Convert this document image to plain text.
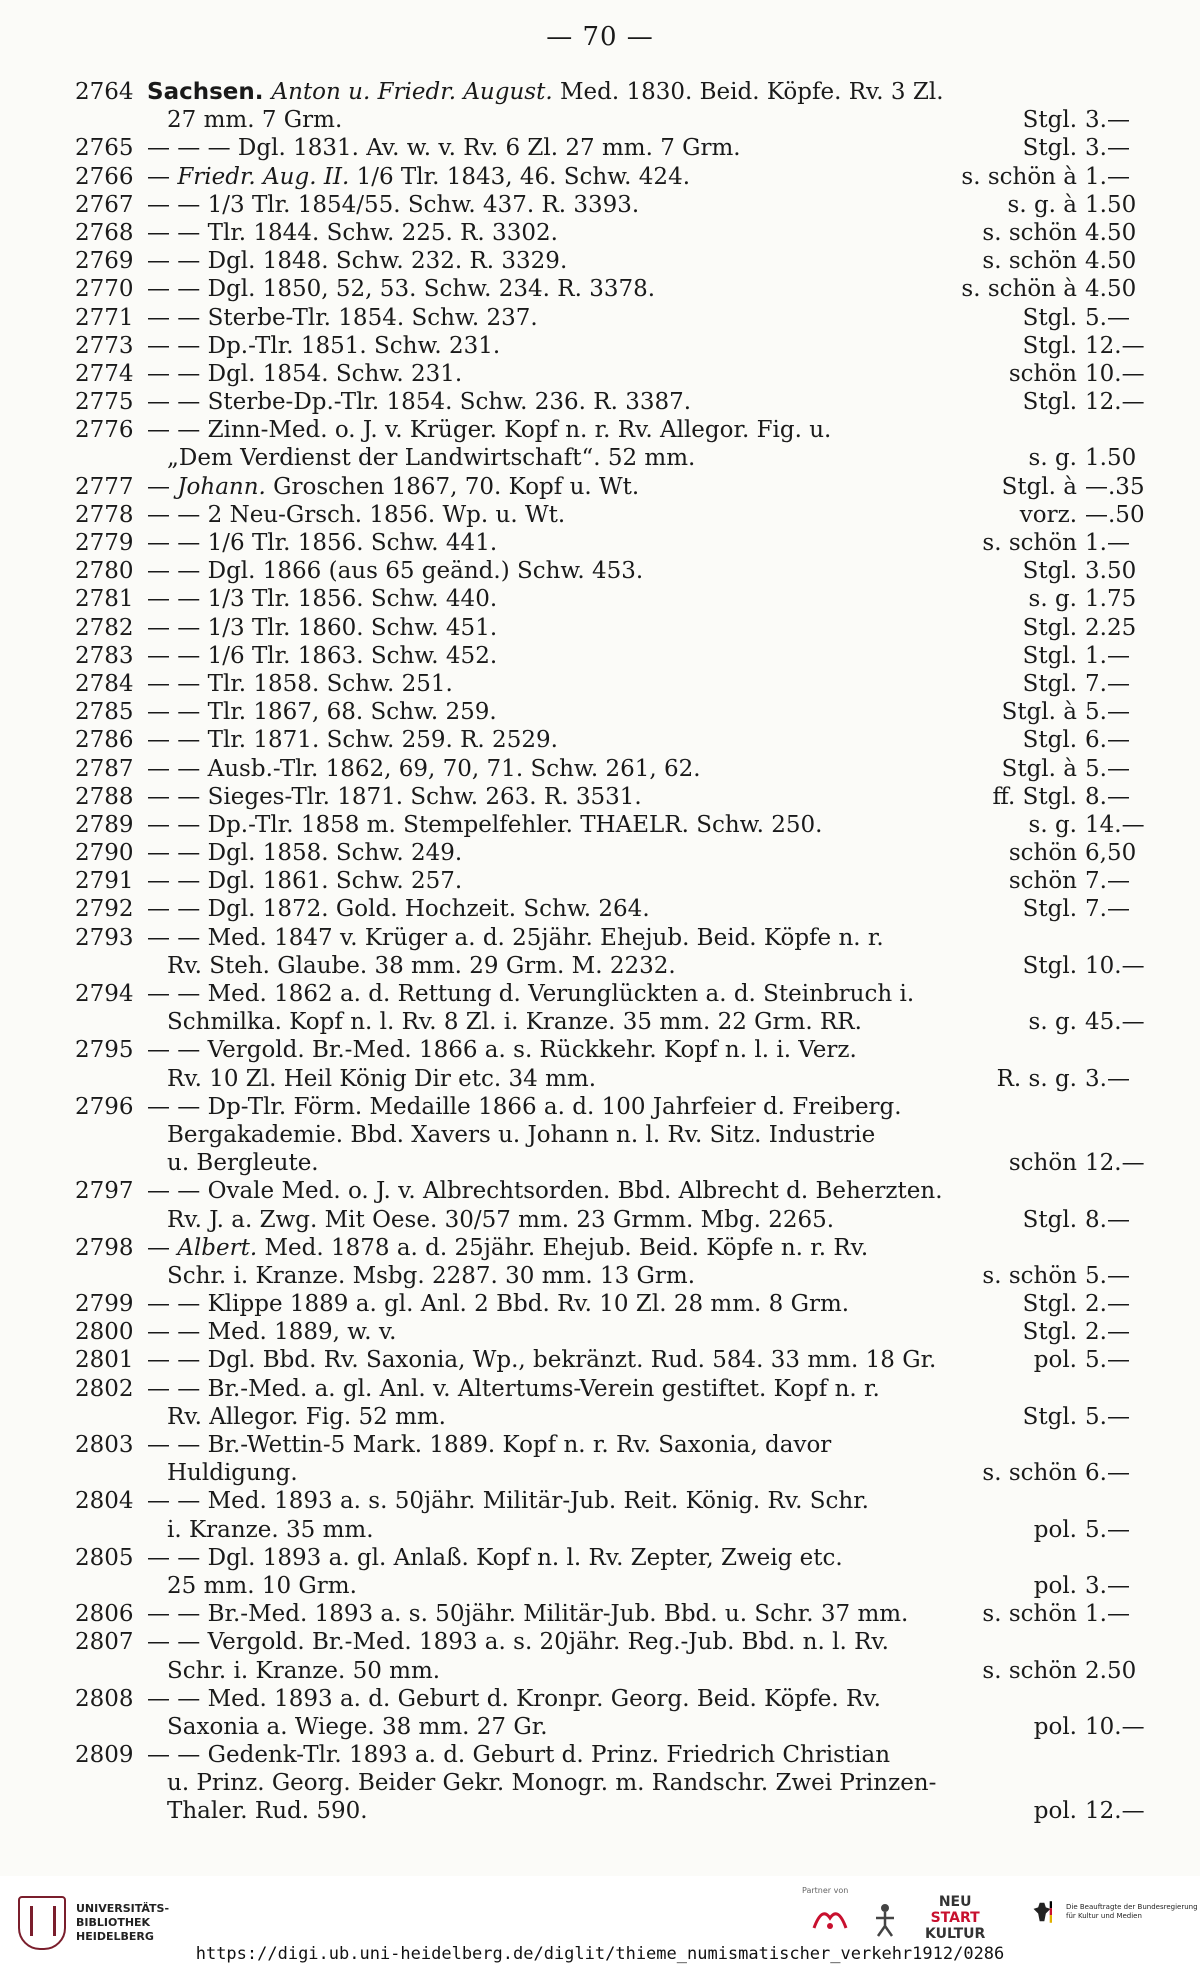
— 70 —
2764 Sachsen. Anton u. Friedr. August. Med. 1830. Beid. Köpfe. Rv. 3 Zl.
27 mm. 7 Grm.	Stgl. 3.—
2765 — — — Dgl. 1831. Av. w. v. Rv. 6 Zl. 27 mm. 7 Grm.	Stgl. 3.—
2766 — Friedr. Aug. II. 1/6 Tlr. 1843, 46. Schw. 424.	s. schön à 1.—
2767 — — 1/3 Tlr. 1854/55. Schw. 437. R. 3393.	s. g. à 1.50
2768 — — Tlr. 1844. Schw. 225. R. 3302.	s. schön 4.50
2769 — — Dgl. 1848. Schw. 232. R. 3329.	s. schön 4.50
2770 — — Dgl. 1850, 52, 53. Schw. 234. R. 3378.	s. schön à 4.50
2771 — — Sterbe-Tlr. 1854. Schw. 237.	Stgl. 5.—
2773 — — Dp.-Tlr. 1851. Schw. 231.	Stgl. 12.—
2774 — — Dgl. 1854. Schw. 231.	schön 10.—
2775 — — Sterbe-Dp.-Tlr. 1854. Schw. 236. R. 3387.	Stgl. 12.—
2776 — — Zinn-Med. o. J. v. Krüger. Kopf n. r. Rv. Allegor. Fig. u.
„Dem Verdienst der Landwirtschaft“. 52 mm.	s. g. 1.50
2777 — Johann. Groschen 1867, 70. Kopf u. Wt.	Stgl. à —.35
2778 — — 2 Neu-Grsch. 1856. Wp. u. Wt.	vorz. —.50
2779 — — 1/6 Tlr. 1856. Schw. 441.	s. schön 1.—
2780 — — Dgl. 1866 (aus 65 geänd.) Schw. 453.	Stgl. 3.50
2781 — — 1/3 Tlr. 1856. Schw. 440.	s. g. 1.75
2782 — — 1/3 Tlr. 1860. Schw. 451.	Stgl. 2.25
2783 — — 1/6 Tlr. 1863. Schw. 452.	Stgl. 1.—
2784 — — Tlr. 1858. Schw. 251.	Stgl. 7.—
2785 — — Tlr. 1867, 68. Schw. 259.	Stgl. à 5.—
2786 — — Tlr. 1871. Schw. 259. R. 2529.	Stgl. 6.—
2787 — — Ausb.-Tlr. 1862, 69, 70, 71. Schw. 261, 62.	Stgl. à 5.—
2788 — — Sieges-Tlr. 1871. Schw. 263. R. 3531.	ff. Stgl. 8.—
2789 — — Dp.-Tlr. 1858 m. Stempelfehler. THAELR. Schw. 250.	s. g. 14.—
2790 — — Dgl. 1858. Schw. 249.	schön 6,50
2791 — — Dgl. 1861. Schw. 257.	schön 7.—
2792 — — Dgl. 1872. Gold. Hochzeit. Schw. 264.	Stgl. 7.—
2793 — — Med. 1847 v. Krüger a. d. 25jähr. Ehejub. Beid. Köpfe n. r.
Rv. Steh. Glaube. 38 mm. 29 Grm. M. 2232.	Stgl. 10.—
2794 — — Med. 1862 a. d. Rettung d. Verunglückten a. d. Steinbruch i.
Schmilka. Kopf n. l. Rv. 8 Zl. i. Kranze. 35 mm. 22 Grm. RR.	s. g. 45.—
2795 — — Vergold. Br.-Med. 1866 a. s. Rückkehr. Kopf n. l. i. Verz.
Rv. 10 Zl. Heil König Dir etc. 34 mm.	R. s. g. 3.—
2796 — — Dp-Tlr. Förm. Medaille 1866 a. d. 100 Jahrfeier d. Freiberg.
Bergakademie. Bbd. Xavers u. Johann n. l. Rv. Sitz. Industrie
u. Bergleute.	schön 12.—
2797 — — Ovale Med. o. J. v. Albrechtsorden. Bbd. Albrecht d. Beherzten.
Rv. J. a. Zwg. Mit Oese. 30/57 mm. 23 Grmm. Mbg. 2265.	Stgl. 8.—
2798 — Albert. Med. 1878 a. d. 25jähr. Ehejub. Beid. Köpfe n. r. Rv.
Schr. i. Kranze. Msbg. 2287. 30 mm. 13 Grm.	s. schön 5.—
2799 — — Klippe 1889 a. gl. Anl. 2 Bbd. Rv. 10 Zl. 28 mm. 8 Grm.	Stgl. 2.—
2800 — — Med. 1889, w. v.	Stgl. 2.—
2801 — — Dgl. Bbd. Rv. Saxonia, Wp., bekränzt. Rud. 584. 33 mm. 18 Gr.	pol. 5.—
2802 — — Br.-Med. a. gl. Anl. v. Altertums-Verein gestiftet. Kopf n. r.
Rv. Allegor. Fig. 52 mm.	Stgl. 5.—
2803 — — Br.-Wettin-5 Mark. 1889. Kopf n. r. Rv. Saxonia, davor
Huldigung.	s. schön 6.—
2804 — — Med. 1893 a. s. 50jähr. Militär-Jub. Reit. König. Rv. Schr.
i. Kranze. 35 mm.	pol. 5.—
2805 — — Dgl. 1893 a. gl. Anlaß. Kopf n. l. Rv. Zepter, Zweig etc.
25 mm. 10 Grm.	pol. 3.—
2806 — — Br.-Med. 1893 a. s. 50jähr. Militär-Jub. Bbd. u. Schr. 37 mm.	s. schön 1.—
2807 — — Vergold. Br.-Med. 1893 a. s. 20jähr. Reg.-Jub. Bbd. n. l. Rv.
Schr. i. Kranze. 50 mm.	s. schön 2.50
2808 — — Med. 1893 a. d. Geburt d. Kronpr. Georg. Beid. Köpfe. Rv.
Saxonia a. Wiege. 38 mm. 27 Gr.	pol. 10.—
2809 — — Gedenk-Tlr. 1893 a. d. Geburt d. Prinz. Friedrich Christian
u. Prinz. Georg. Beider Gekr. Monogr. m. Randschr. Zwei Prinzen-
Thaler. Rud. 590.	pol. 12.—
UNIVERSITÄTS-
BIBLIOTHEK
HEIDELBERG
Partner von
NEU
START
KULTUR
Die Beauftragte der Bundesregierung
für Kultur und Medien
https://digi.ub.uni-heidelberg.de/diglit/thieme_numismatischer_verkehr1912/0286
